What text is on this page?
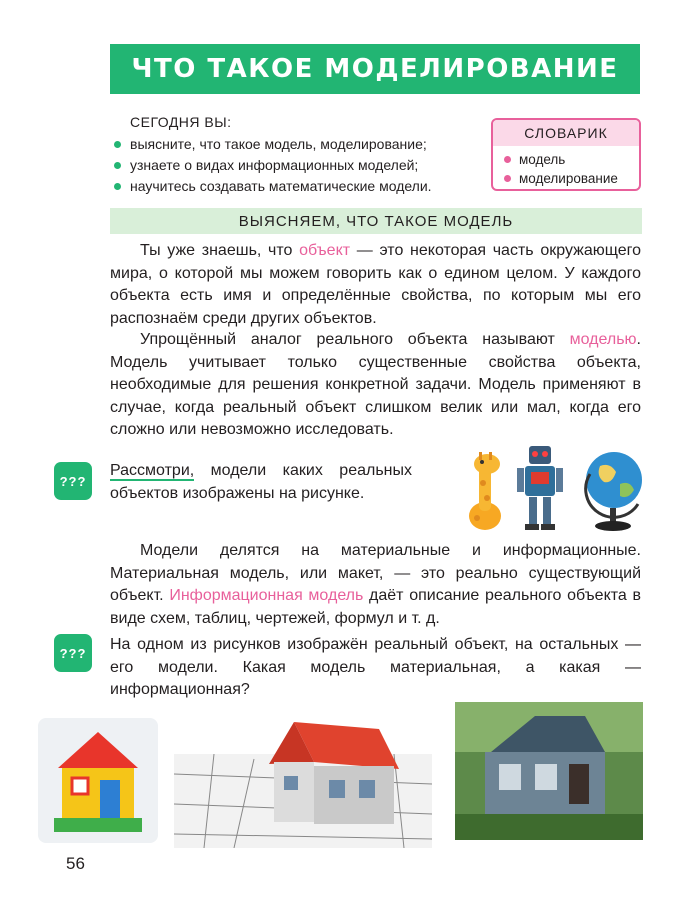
ЧТО ТАКОЕ МОДЕЛИРОВАНИЕ
СЕГОДНЯ ВЫ:
выясните, что такое модель, моделирование;
узнаете о видах информационных моделей;
научитесь создавать математические модели.
СЛОВАРИК
модель
моделирование
ВЫЯСНЯЕМ, ЧТО ТАКОЕ МОДЕЛЬ

Ты уже знаешь, что объект — это некоторая часть окружающего мира, о которой мы можем говорить как о едином целом. У каждого объекта есть имя и определённые свойства, по которым мы его распознаём среди других объектов.

Упрощённый аналог реального объекта называют моделью. Модель учитывает только существенные свойства объекта, необходимые для решения конкретной задачи. Модель применяют в случае, когда реальный объект слишком велик или мал, когда его сложно или невозможно исследовать.

???

Рассмотри, модели каких реальных объектов изображены на рисунке.

Модели делятся на материальные и информационные. Материальная модель, или макет, — это реально существующий объект. Информационная модель даёт описание реального объекта в виде схем, таблиц, чертежей, формул и т. д.

??? На одном из рисунков изображён реальный объект, на остальных — его модели. Какая модель материальная, а какая — информационная?

56
